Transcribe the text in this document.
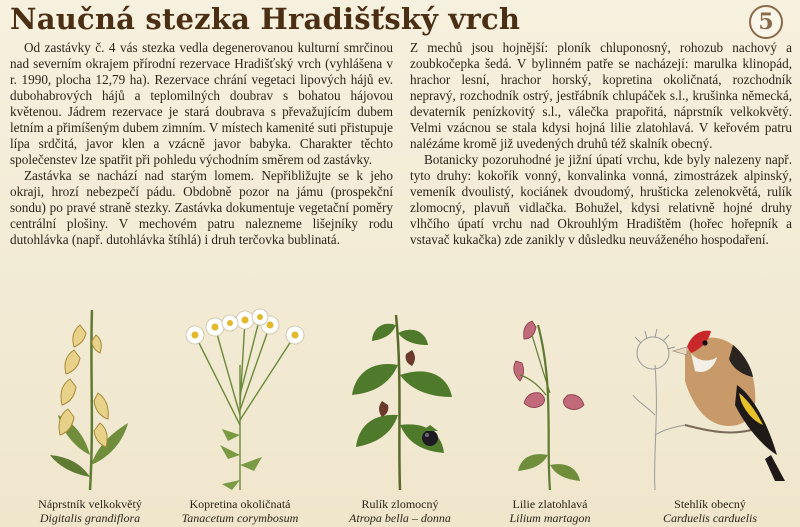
Naučná stezka Hradišťský vrch	5

Od zastávky č. 4 vás stezka vedla degenerovanou kulturní smrčinou nad severním okrajem přírodní rezervace Hradišťský vrch (vyhlášena v r. 1990, plocha 12,79 ha). Rezervace chrání vegetaci lipových hájů ev. dubohabrových hájů a teplomilných doubrav s bohatou hájovou květenou. Jádrem rezervace je stará doubrava s převažujícím dubem letním a přimíšeným dubem zimním. V místech kamenité suti přistupuje lípa srdčitá, javor klen a vzácně javor babyka. Charakter těchto společenstev lze spatřit při pohledu východním směrem od zastávky.

Zastávka se nachází nad starým lomem. Nepřibližujte se k jeho okraji, hrozí nebezpečí pádu. Obdobně pozor na jámu (prospekční sondu) po pravé straně stezky. Zastávka dokumentuje vegetační poměry centrální plošiny. V mechovém patru nalezneme lišejníky rodu dutohlávka (např. dutohlávka štíhlá) i druh terčovka bublinatá.

Z mechů jsou hojnější: ploník chluponosný, rohozub nachový a zoubkočepka šedá. V bylinném patře se nacházejí: marulka klinopád, hrachor lesní, hrachor horský, kopretina okoličnatá, rozchodník nepravý, rozchodník ostrý, jestřábník chlupáček s.l., krušinka německá, devaterník penízkovitý s.l., válečka prapořitá, náprstník velkokvětý. Velmi vzácnou se stala kdysi hojná lilie zlatohlavá. V keřovém patru nalézáme kromě již uvedených druhů též skalník obecný.

Botanicky pozoruhodné je jižní úpatí vrchu, kde byly nalezeny např. tyto druhy: kokořík vonný, konvalinka vonná, zimostrázek alpinský, vemeník dvoulistý, kociánek dvoudomý, hrušticka zelenokvětá, rulík zlomocný, plavuň vidlačka. Bohužel, kdysi relativně hojné druhy vlhčího úpatí vrchu nad Okrouhlým Hradištěm (hořec hořepník a vstavač kukačka) zde zanikly v důsledku neuváženého hospodaření.

Náprstník velkokvětý
Digitalis grandiflora
Kopretina okoličnatá
Tanacetum corymbosum
Rulík zlomocný
Atropa bella – donna
Lilie zlatohlavá
Lilium martagon
Stehlík obecný
Carduelis carduelis
